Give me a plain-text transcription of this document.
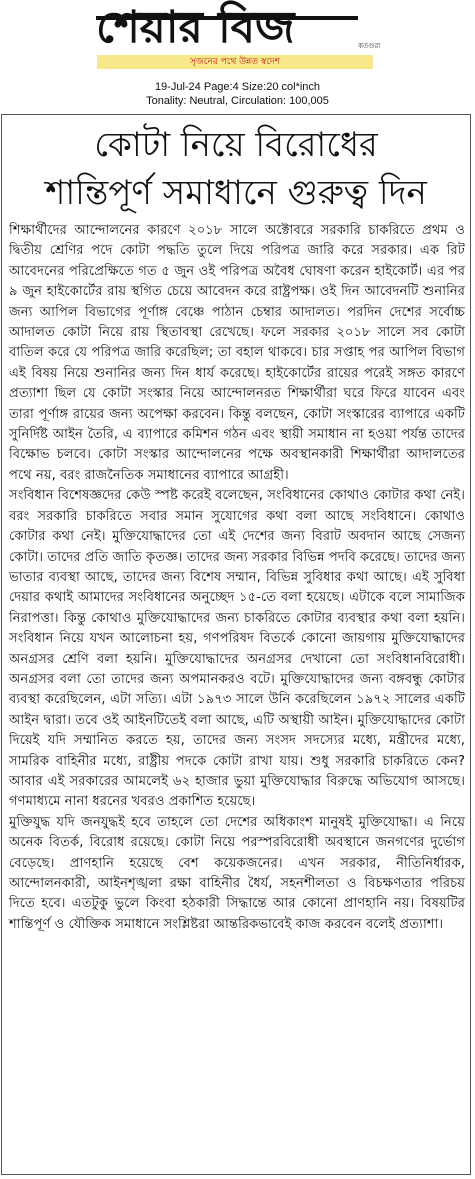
শেয়ার বিজ	কতগুরা
সৃজনের পথে উন্নত স্বদেশ
19-Jul-24 Page:4 Size:20 col*inch
Tonality: Neutral, Circulation: 100,005
কোটা নিয়ে বিরোধের
শান্তিপূর্ণ সমাধানে গুরুত্ব দিন

শিক্ষার্থীদের আন্দোলনের কারণে ২০১৮ সালে অক্টোবরে সরকারি চাকরিতে প্রথম ও দ্বিতীয় শ্রেণির পদে কোটা পদ্ধতি তুলে দিয়ে পরিপত্র জারি করে সরকার। এক রিট আবেদনের পরিপ্রেক্ষিতে গত ৫ জুন ওই পরিপত্র অবৈধ ঘোষণা করেন হাইকোর্ট। এর পর ৯ জুন হাইকোর্টের রায় স্থগিত চেয়ে আবেদন করে রাষ্ট্রপক্ষ। ওই দিন আবেদনটি শুনানির জন্য আপিল বিভাগের পূর্ণাঙ্গ বেঞ্চে পাঠান চেম্বার আদালত। পরদিন দেশের সর্বোচ্চ আদালত কোটা নিয়ে রায় স্থিতাবস্থা রেখেছে। ফলে সরকার ২০১৮ সালে সব কোটা বাতিল করে যে পরিপত্র জারি করেছিল; তা বহাল থাকবে। চার সপ্তাহ পর আপিল বিভাগ এই বিষয় নিয়ে শুনানির জন্য দিন ধার্য করেছে। হাইকোর্টের রায়ের পরেই সঙ্গত কারণে প্রত্যাশা ছিল যে কোটা সংস্কার নিয়ে আন্দোলনরত শিক্ষার্থীরা ঘরে ফিরে যাবেন এবং তারা পূর্ণাঙ্গ রায়ের জন্য অপেক্ষা করবেন। কিন্তু বলছেন, কোটা সংস্কারের ব্যাপারে একটি সুনির্দিষ্ট আইন তৈরি, এ ব্যাপারে কমিশন গঠন এবং স্থায়ী সমাধান না হওয়া পর্যন্ত তাদের বিক্ষোভ চলবে। কোটা সংস্কার আন্দোলনের পক্ষে অবস্থানকারী শিক্ষার্থীরা আদালতের পথে নয়, বরং রাজনৈতিক সমাধানের ব্যাপারে আগ্রহী।

সংবিধান বিশেষজ্ঞদের কেউ স্পষ্ট করেই বলেছেন, সংবিধানের কোথাও কোটার কথা নেই। বরং সরকারি চাকরিতে সবার সমান সুযোগের কথা বলা আছে সংবিধানে। কোথাও কোটার কথা নেই। মুক্তিযোদ্ধাদের তো এই দেশের জন্য বিরাট অবদান আছে সেজন্য কোটা। তাদের প্রতি জাতি কৃতজ্ঞ। তাদের জন্য সরকার বিভিন্ন পদবি করেছে। তাদের জন্য ভাতার ব্যবস্থা আছে, তাদের জন্য বিশেষ সম্মান, বিভিন্ন সুবিধার কথা আছে। এই সুবিধা দেয়ার কথাই আমাদের সংবিধানের অনুচ্ছেদ ১৫-তে বলা হয়েছে। এটাকে বলে সামাজিক নিরাপত্তা। কিন্তু কোথাও মুক্তিযোদ্ধাদের জন্য চাকরিতে কোটার ব্যবস্থার কথা বলা হয়নি। সংবিধান নিয়ে যখন আলোচনা হয়, গণপরিষদ বিতর্কে কোনো জায়গায় মুক্তিযোদ্ধাদের অনগ্রসর শ্রেণি বলা হয়নি। মুক্তিযোদ্ধাদের অনগ্রসর দেখানো তো সংবিধানবিরোধী। অনগ্রসর বলা তো তাদের জন্য অপমানকরও বটে। মুক্তিযোদ্ধাদের জন্য বঙ্গবন্ধু কোটার ব্যবস্থা করেছিলেন, এটা সত্যি। এটা ১৯৭৩ সালে উনি করেছিলেন ১৯৭২ সালের একটি আইন দ্বারা। তবে ওই আইনটিতেই বলা আছে, এটি অস্থায়ী আইন। মুক্তিযোদ্ধাদের কোটা দিয়েই যদি সম্মানিত করতে হয়, তাদের জন্য সংসদ সদস্যের মধ্যে, মন্ত্রীদের মধ্যে, সামরিক বাহিনীর মধ্যে, রাষ্ট্রীয় পদকে কোটা রাখা যায়। শুধু সরকারি চাকরিতে কেন? আবার এই সরকারের আমলেই ৬২ হাজার ভুয়া মুক্তিযোদ্ধার বিরুদ্ধে অভিযোগ আসছে। গণমাধ্যমে নানা ধরনের খবরও প্রকাশিত হয়েছে।

মুক্তিযুদ্ধ যদি জনযুদ্ধই হবে তাহলে তো দেশের অধিকাংশ মানুষই মুক্তিযোদ্ধা। এ নিয়ে অনেক বিতর্ক, বিরোধ রয়েছে। কোটা নিয়ে পরস্পরবিরোধী অবস্থানে জনগণের দুর্ভোগ বেড়েছে। প্রাণহানি হয়েছে বেশ কয়েকজনের। এখন সরকার, নীতিনির্ধারক, আন্দোলনকারী, আইনশৃঙ্খলা রক্ষা বাহিনীর ধৈর্য, সহনশীলতা ও বিচক্ষণতার পরিচয় দিতে হবে। এতটুকু ভুলে কিংবা হঠকারী সিদ্ধান্তে আর কোনো প্রাণহানি নয়। বিষয়টির শান্তিপূর্ণ ও যৌক্তিক সমাধানে সংশ্লিষ্টরা আন্তরিকভাবেই কাজ করবেন বলেই প্রত্যাশা।
